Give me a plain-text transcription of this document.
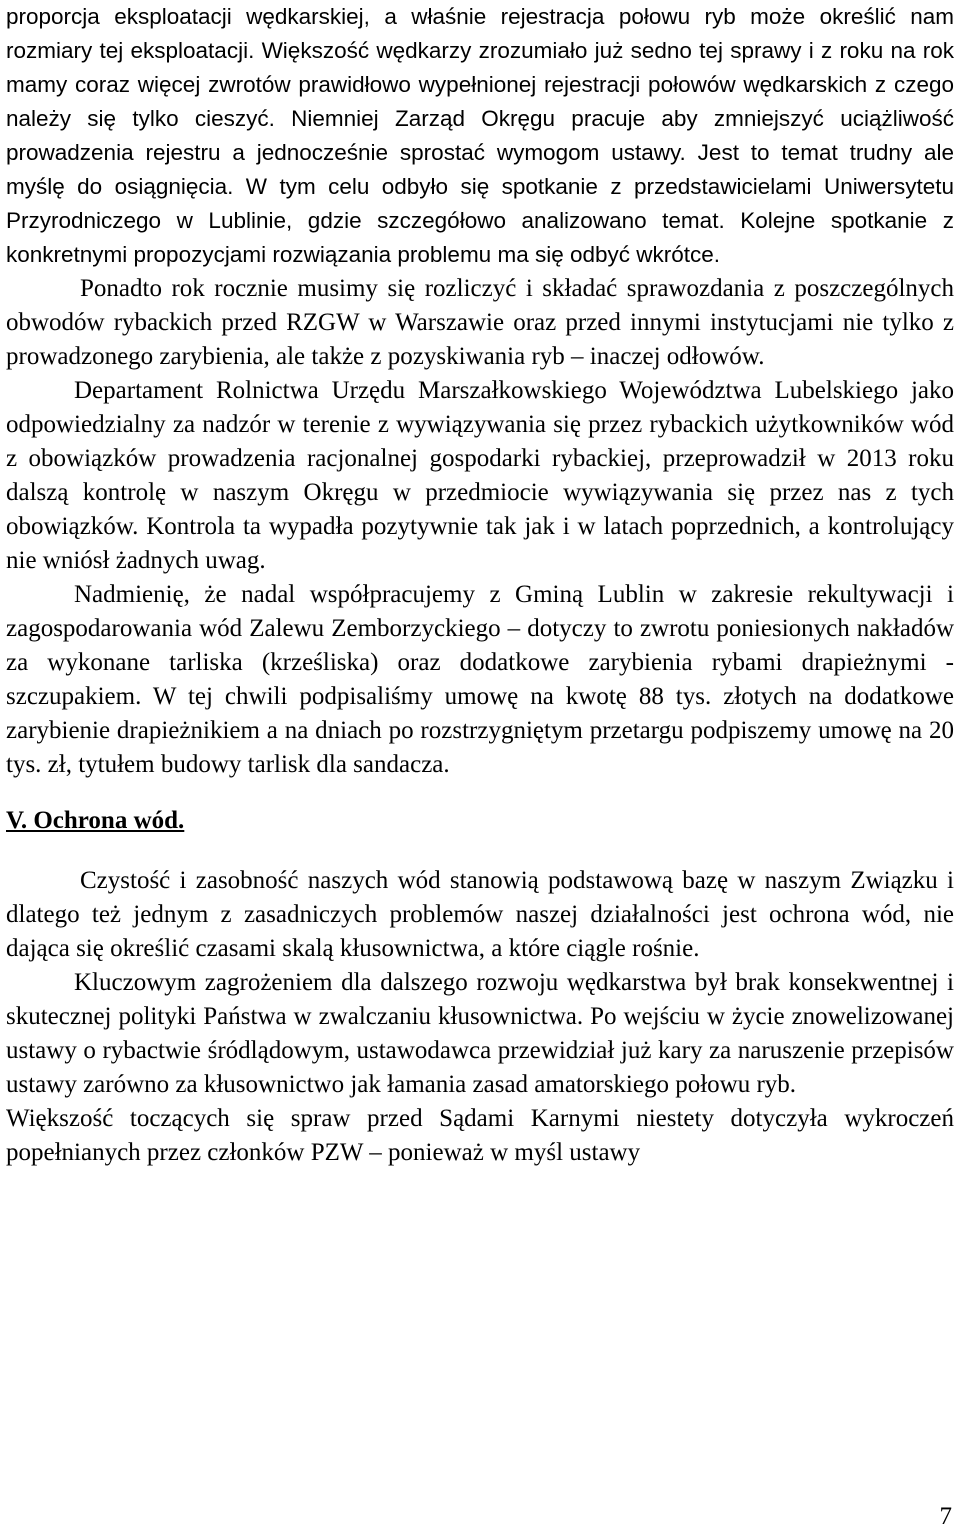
proporcja eksploatacji wędkarskiej, a właśnie rejestracja połowu ryb może określić nam rozmiary tej eksploatacji. Większość wędkarzy zrozumiało już sedno tej sprawy i z roku na rok mamy coraz więcej zwrotów prawidłowo wypełnionej rejestracji połowów wędkarskich z czego należy się tylko cieszyć. Niemniej Zarząd Okręgu pracuje aby zmniejszyć uciążliwość prowadzenia rejestru a jednocześnie sprostać wymogom ustawy. Jest to temat trudny ale myślę do osiągnięcia. W tym celu odbyło się spotkanie z przedstawicielami Uniwersytetu Przyrodniczego w Lublinie, gdzie szczegółowo analizowano temat. Kolejne spotkanie z konkretnymi propozycjami rozwiązania problemu ma się odbyć wkrótce.

Ponadto rok rocznie musimy się rozliczyć i składać sprawozdania z poszczególnych obwodów rybackich przed RZGW w Warszawie oraz przed innymi instytucjami nie tylko z prowadzonego zarybienia, ale także z pozyskiwania ryb – inaczej odłowów.

Departament Rolnictwa Urzędu Marszałkowskiego Województwa Lubelskiego jako odpowiedzialny za nadzór w terenie z wywiązywania się przez rybackich użytkowników wód z obowiązków prowadzenia racjonalnej gospodarki rybackiej, przeprowadził w 2013 roku dalszą kontrolę w naszym Okręgu w przedmiocie wywiązywania się przez nas z tych obowiązków. Kontrola ta wypadła pozytywnie tak jak i w latach poprzednich, a kontrolujący nie wniósł żadnych uwag.

Nadmienię, że nadal współpracujemy z Gminą Lublin w zakresie rekultywacji i zagospodarowania wód Zalewu Zemborzyckiego – dotyczy to zwrotu poniesionych nakładów za wykonane tarliska (krześliska) oraz dodatkowe zarybienia rybami drapieżnymi - szczupakiem. W tej chwili podpisaliśmy umowę na kwotę 88 tys. złotych na dodatkowe zarybienie drapieżnikiem a na dniach po rozstrzygniętym przetargu podpiszemy umowę na 20 tys. zł, tytułem budowy tarlisk dla sandacza.

V. Ochrona wód.

Czystość i zasobność naszych wód stanowią podstawową bazę w naszym Związku i dlatego też jednym z zasadniczych problemów naszej działalności jest ochrona wód, nie dająca się określić czasami skalą kłusownictwa, a które ciągle rośnie.

Kluczowym zagrożeniem dla dalszego rozwoju wędkarstwa był brak konsekwentnej i skutecznej polityki Państwa w zwalczaniu kłusownictwa. Po wejściu w życie znowelizowanej ustawy o rybactwie śródlądowym, ustawodawca przewidział już kary za naruszenie przepisów ustawy zarówno za kłusownictwo jak łamania zasad amatorskiego połowu ryb.

Większość toczących się spraw przed Sądami Karnymi niestety dotyczyła wykroczeń popełnianych przez członków PZW – ponieważ w myśl ustawy

7
